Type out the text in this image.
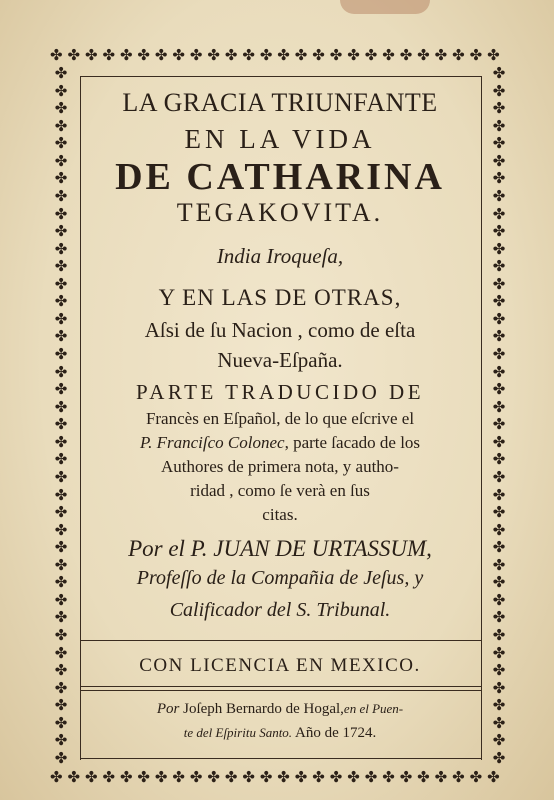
✤ ✤ ✤ ✤ ✤ ✤ ✤ ✤ ✤ ✤ ✤ ✤ ✤ ✤ ✤ ✤ ✤ ✤ ✤ ✤ ✤ ✤ ✤ ✤ ✤ ✤
✤ ✤ ✤ ✤ ✤ ✤ ✤ ✤ ✤ ✤ ✤ ✤ ✤ ✤ ✤ ✤ ✤ ✤ ✤ ✤ ✤ ✤ ✤ ✤ ✤ ✤
✤
✤
✤
✤
✤
✤
✤
✤
✤
✤
✤
✤
✤
✤
✤
✤
✤
✤
✤
✤
✤
✤
✤
✤
✤
✤
✤
✤
✤
✤
✤
✤
✤
✤
✤
✤
✤
✤
✤
✤
✤
✤
✤
✤
✤
✤
✤
✤
✤
✤
✤
✤
✤
✤
✤
✤
✤
✤
✤
✤
✤
✤
✤
✤
✤
✤
✤
✤
✤
✤
✤
✤
✤
✤
✤
✤
✤
✤
✤
✤
LA GRACIA TRIUNFANTE
EN LA VIDA
DE CATHARINA
TEGAKOVITA.
India Iroqueſa,
Y EN LAS DE OTRAS,
Aſsi de ſu Nacion , como de eſta
Nueva-Eſpaña.
PARTE TRADUCIDO DE
Francès en Eſpañol, de lo que eſcrive el
P. Franciſco Colonec, parte ſacado de los
Authores de primera nota, y autho-
ridad , como ſe verà en ſus
citas.
Por el P. JUAN DE URTASSUM,
Profeſſo de la Compañia de Jeſus, y
Calificador del S. Tribunal.
CON LICENCIA EN MEXICO.
Por Joſeph Bernardo de Hogal,en el Puen-
te del Eſpiritu Santo. Año de 1724.
